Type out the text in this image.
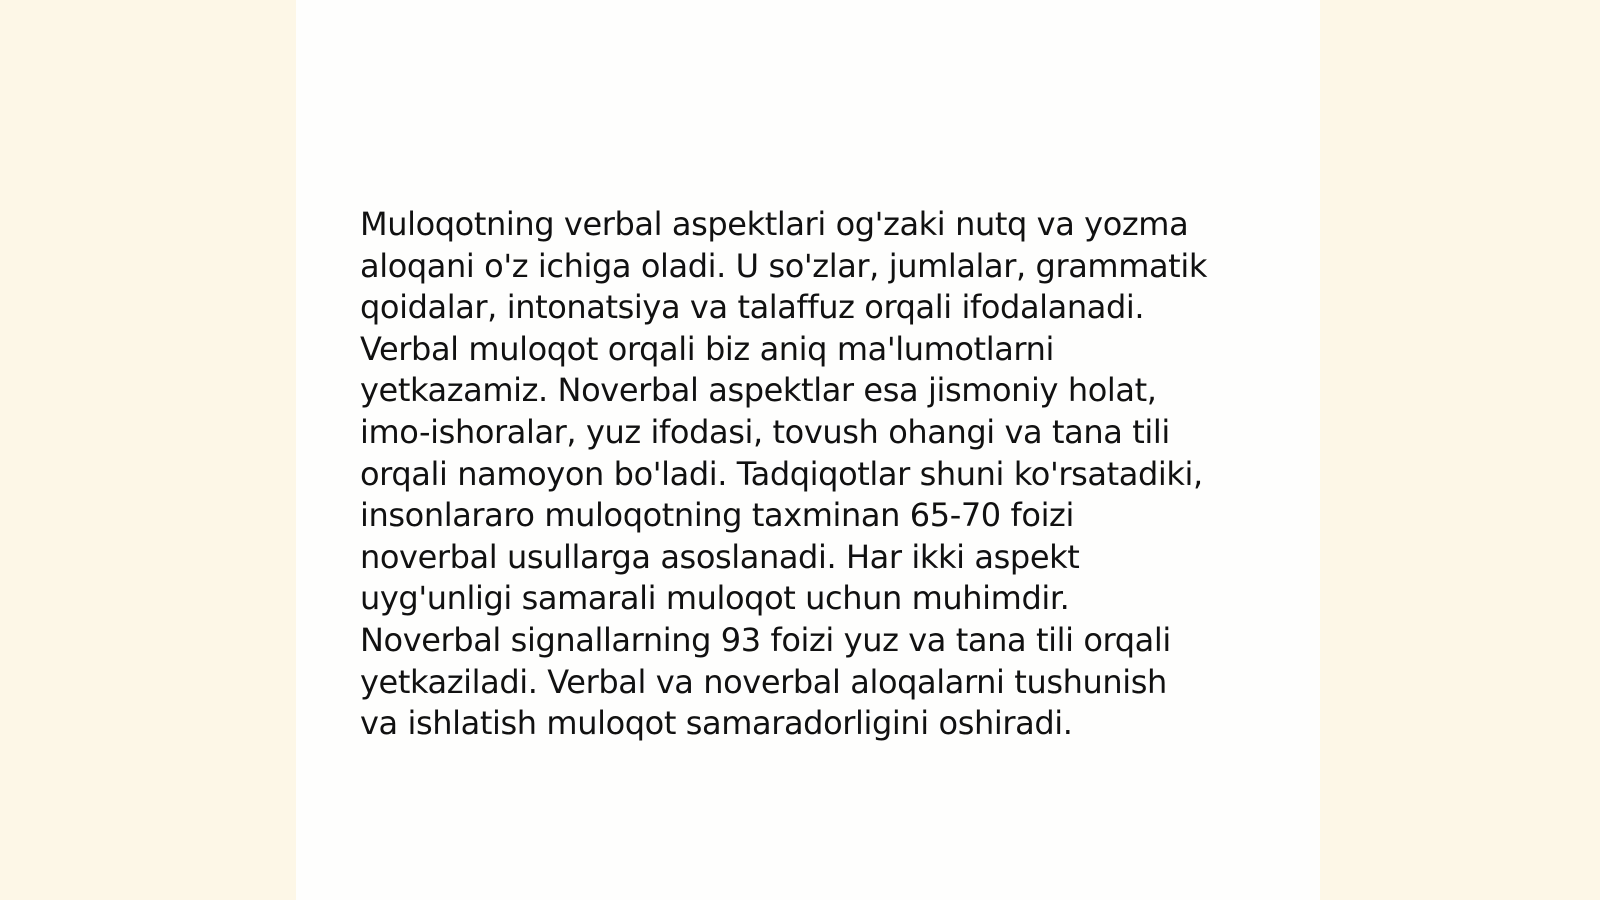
Muloqotning verbal aspektlari og'zaki nutq va yozma
aloqani o'z ichiga oladi. U so'zlar, jumlalar, grammatik
qoidalar, intonatsiya va talaffuz orqali ifodalanadi.
Verbal muloqot orqali biz aniq ma'lumotlarni
yetkazamiz. Noverbal aspektlar esa jismoniy holat,
imo-ishoralar, yuz ifodasi, tovush ohangi va tana tili
orqali namoyon bo'ladi. Tadqiqotlar shuni ko'rsatadiki,
insonlararo muloqotning taxminan 65-70 foizi
noverbal usullarga asoslanadi. Har ikki aspekt
uyg'unligi samarali muloqot uchun muhimdir.
Noverbal signallarning 93 foizi yuz va tana tili orqali
yetkaziladi. Verbal va noverbal aloqalarni tushunish
va ishlatish muloqot samaradorligini oshiradi.
